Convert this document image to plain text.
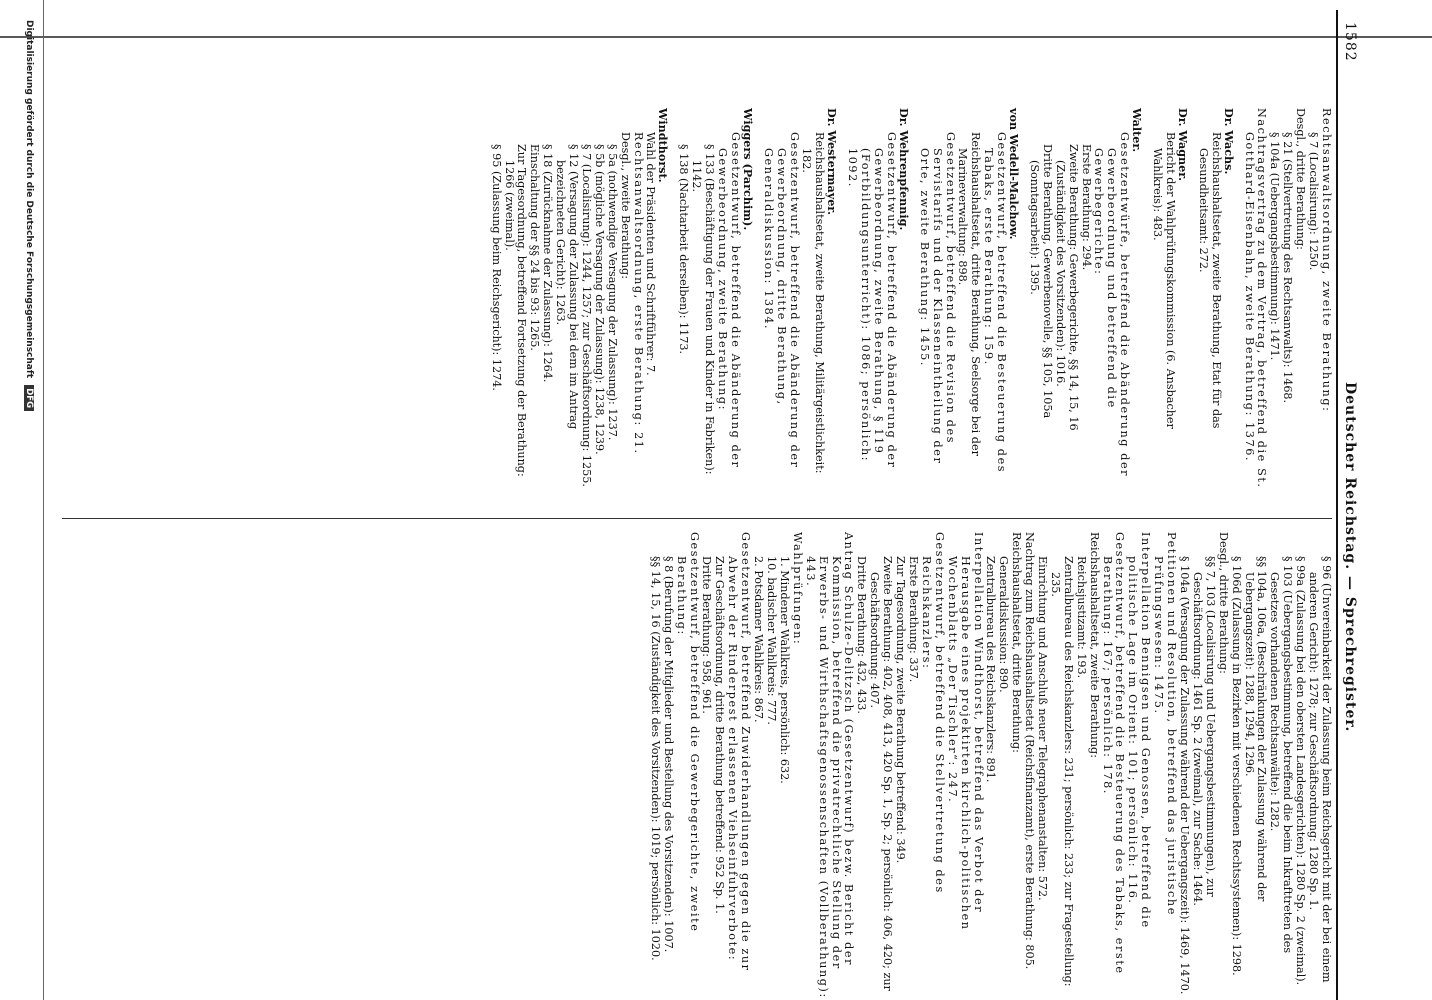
1582
Deutscher Reichstag. — Sprechregister.

Rechtsanwaltsordnung, zweite Berathung:

§ 7 (Localisirung): 1250.

Desgl., dritte Berathung:

§ 21 (Stellvertretung des Rechtsanwalts): 1468.

§ 104a (Uebergangsbestimmung): 1471.

Nachtragsvertrag zu dem Vertrag, betreffend die St. Gotthard-Eisenbahn, zweite Berathung: 1376.

Dr. Wachs.

Reichshaushaltsetat, zweite Berathung, Etat für das Gesundheitsamt: 272.

Dr. Wagner.

Bericht der Wahlprüfungskommission (6. Ansbacher Wahlkreis): 483.

Walter.

Gesetzentwürfe, betreffend die Abänderung der Gewerbeordnung und betreffend die Gewerbegerichte:

Erste Berathung: 294.

Zweite Berathung: Gewerbegerichte, §§ 14, 15, 16 (Zuständigkeit des Vorsitzenden): 1016.

Dritte Berathung, Gewerbenovelle, §§ 105, 105a (Sonntagsarbeit): 1395.

von Wedell-Malchow.

Gesetzentwurf, betreffend die Besteuerung des Tabaks, erste Berathung: 159.

Reichshaushaltsetat, dritte Berathung, Seelsorge bei der Marineverwaltung: 898.

Gesetzentwurf, betreffend die Revision des Servistarifs und der Klasseneintheilung der Orte, zweite Berathung: 1455.

Dr. Wehrenpfennig.

Gesetzentwurf, betreffend die Abänderung der Gewerbeordnung, zweite Berathung, § 119 (Fortbildungsunterricht): 1086; persönlich: 1092.

Dr. Westermayer.

Reichshaushaltsetat, zweite Berathung, Militärgeistlichkeit: 182.

Gesetzentwurf, betreffend die Abänderung der Gewerbeordnung, dritte Berathung, Generaldiskussion: 1384.

Wiggers (Parchim).

Gesetzentwurf, betreffend die Abänderung der Gewerbeordnung, zweite Berathung:

§ 133 (Beschäftigung der Frauen und Kinder in Fabriken): 1142.

§ 138 (Nachtarbeit derselben): 1173.

Windthorst.

Wahl der Präsidenten und Schriftführer: 7.

Rechtsanwaltsordnung, erste Berathung: 21.

Desgl., zweite Berathung:

§ 5a (nothwendige Versagung der Zulassung): 1237.

§ 5b (mögliche Versagung der Zulassung): 1238, 1239.

§ 7 (Localisirung): 1244, 1257; zur Geschäftsordnung: 1255.

§ 12 (Versagung der Zulassung bei dem im Antrag bezeichneten Gericht): 1263.

§ 18 (Zurücknahme der Zulassung): 1264.

Einschaltung der §§ 24 bis 93: 1265.

Zur Tagesordnung, betreffend Fortsetzung der Berathung: 1266 (zweimal).

§ 95 (Zulassung beim Reichsgericht): 1274.

§ 96 (Unvereinbarkeit der Zulassung beim Reichsgericht mit der bei einem anderen Gericht): 1278; zur Geschäftsordnung: 1280 Sp. 1.

§ 99a (Zulassung bei den obersten Landesgerichten): 1280 Sp. 2 (zweimal).

§ 103 (Uebergangsbestimmung, betreffend die beim Inkrafttreten des Gesetzes vorhandenen Rechtsanwälte): 1282.

§§ 104a, 106a, (Beschränkungen der Zulassung während der Uebergangszeit): 1288, 1294, 1296.

§ 106d (Zulassung in Bezirken mit verschiedenen Rechtssystemen): 1298.

Desgl., dritte Berathung:

§§ 7, 103 (Localisirung und Uebergangsbestimmungen), zur Geschäftsordnung: 1461 Sp. 2 (zweimal), zur Sache: 1464.

§ 104a (Versagung der Zulassung während der Uebergangszeit): 1469, 1470.

Petitionen und Resolution, betreffend das juristische Prüfungswesen: 1475.

Interpellation Bennigsen und Genossen, betreffend die politische Lage im Orient: 101; persönlich: 116.

Gesetzentwurf, betreffend die Besteuerung des Tabaks, erste Berathung: 167; persönlich: 178.

Reichshaushaltsetat, zweite Berathung:

Reichsjustizamt: 193.

Zentralbureau des Reichskanzlers: 231; persönlich: 233; zur Fragestellung: 235.

Einrichtung und Anschluß neuer Telegraphenanstalten: 572.

Nachtrag zum Reichshaushaltsetat (Reichsfinanzamt), erste Berathung: 805.

Reichshaushaltsetat, dritte Berathung:

Generaldiskussion: 890.

Zentralbureau des Reichskanzlers: 891.

Interpellation Windthorst, betreffend das Verbot der Herausgabe eines projektirten kirchlich-politischen Wochenblatts „Der Tischler“: 247.

Gesetzentwurf, betreffend die Stellvertretung des Reichskanzlers:

Erste Berathung: 337.

Zur Tagesordnung, zweite Berathung betreffend: 349.

Zweite Berathung: 402, 408, 413, 420 Sp. 1, Sp. 2; persönlich: 406, 420; zur Geschäftsordnung: 407.

Dritte Berathung: 432, 433.

Antrag Schulze-Delitzsch (Gesetzentwurf) bezw. Bericht der Kommission, betreffend die privatrechtliche Stellung der Erwerbs- und Wirthschaftsgenossenschaften (Vollberathung): 443.

Wahlprüfungen:

1. Mindener Wahlkreis, persönlich: 632.

10. badischer Wahlkreis: 777.

2. Potsdamer Wahlkreis: 867.

Gesetzentwurf, betreffend Zuwiderhandlungen gegen die zur Abwehr der Rinderpest erlassenen Viehseinfuhrverbote:

Zur Geschäftsordnung, dritte Berathung betreffend: 952 Sp. 1.

Dritte Berathung: 958, 961.

Gesetzentwurf, betreffend die Gewerbegerichte, zweite Berathung:

§ 8 (Berufung der Mitglieder und Bestellung des Vorsitzenden): 1007.

§§ 14, 15, 16 (Zuständigkeit des Vorsitzenden): 1019; persönlich: 1020.

Digitalisierung gefördert durch die Deutsche Forschungsgemeinschaft DFG
